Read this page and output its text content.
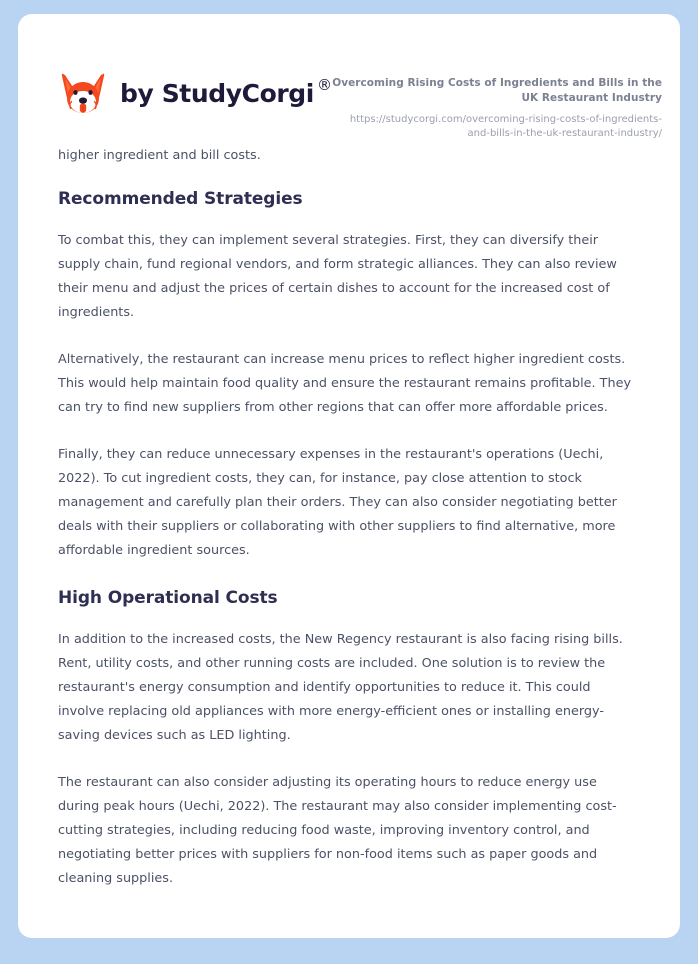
by StudyCorgi ® Overcoming Rising Costs of Ingredients and Bills in the UK Restaurant Industry
https://studycorgi.com/overcoming-rising-costs-of-ingredients-and-bills-in-the-uk-restaurant-industry/

higher ingredient and bill costs.

Recommended Strategies

To combat this, they can implement several strategies. First, they can diversify their supply chain, fund regional vendors, and form strategic alliances. They can also review their menu and adjust the prices of certain dishes to account for the increased cost of ingredients.

Alternatively, the restaurant can increase menu prices to reflect higher ingredient costs. This would help maintain food quality and ensure the restaurant remains profitable. They can try to find new suppliers from other regions that can offer more affordable prices.

Finally, they can reduce unnecessary expenses in the restaurant's operations (Uechi, 2022). To cut ingredient costs, they can, for instance, pay close attention to stock management and carefully plan their orders. They can also consider negotiating better deals with their suppliers or collaborating with other suppliers to find alternative, more affordable ingredient sources.

High Operational Costs

In addition to the increased costs, the New Regency restaurant is also facing rising bills. Rent, utility costs, and other running costs are included. One solution is to review the restaurant's energy consumption and identify opportunities to reduce it. This could involve replacing old appliances with more energy-efficient ones or installing energy-saving devices such as LED lighting.

The restaurant can also consider adjusting its operating hours to reduce energy use during peak hours (Uechi, 2022). The restaurant may also consider implementing cost-cutting strategies, including reducing food waste, improving inventory control, and negotiating better prices with suppliers for non-food items such as paper goods and cleaning supplies.
